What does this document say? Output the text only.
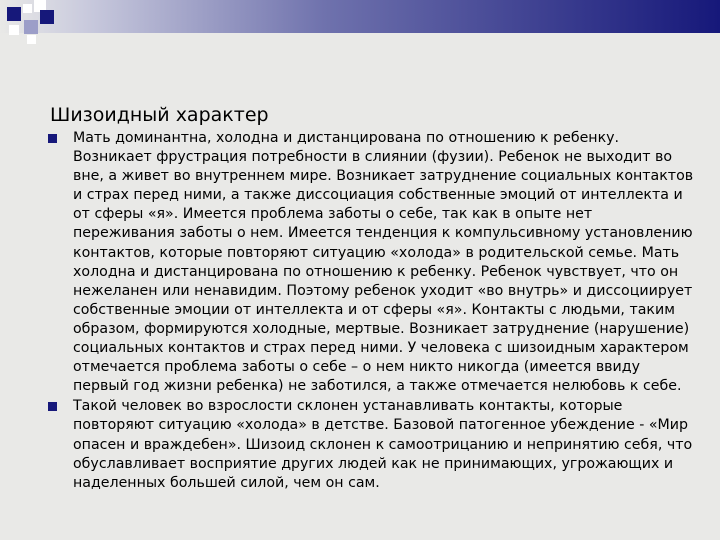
Шизоидный характер
Мать доминантна, холодна и дистанцирована по отношению к ребенку. Возникает фрустрация потребности в слиянии (фузии). Ребенок не выходит во вне, а живет во внутреннем мире. Возникает затруднение социальных контактов и страх перед ними, а также диссоциация собственные эмоций от интеллекта и от сферы «я». Имеется проблема заботы о себе, так как в опыте нет переживания заботы о нем. Имеется тенденция к компульсивному установлению контактов, которые повторяют ситуацию «холода» в родительской семье. Мать холодна и дистанцирована по отношению к ребенку. Ребенок чувствует, что он нежеланен или ненавидим. Поэтому ребенок уходит «во внутрь» и диссоциирует собственные эмоции от интеллекта и от сферы «я». Контакты с людьми, таким образом, формируются холодные, мертвые. Возникает затруднение (нарушение) социальных контактов и страх перед ними. У человека с шизоидным характером отмечается проблема заботы о себе – о нем никто никогда (имеется ввиду первый год жизни ребенка) не заботился, а также отмечается нелюбовь к себе.
Такой человек во взрослости склонен устанавливать контакты, которые повторяют ситуацию «холода» в детстве. Базовой патогенное убеждение - «Мир опасен и враждебен». Шизоид склонен к самоотрицанию и непринятию себя, что обуславливает восприятие других людей как не принимающих, угрожающих и наделенных большей силой, чем он сам.
